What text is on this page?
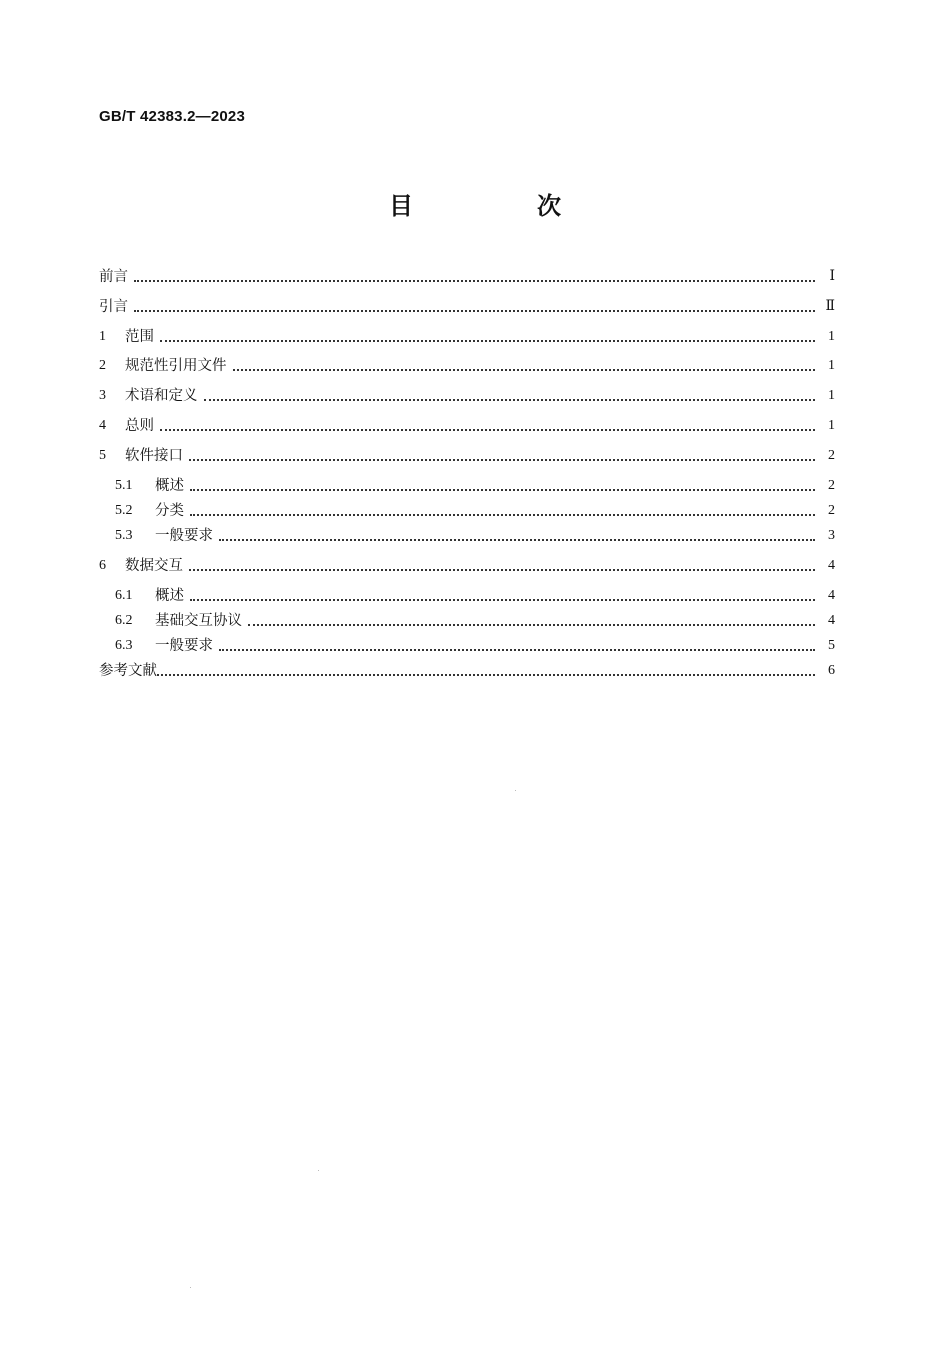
GB/T 42383.2—2023
目　次
前言	Ⅰ
引言	Ⅱ
1	范围	1
2	规范性引用文件	1
3	术语和定义	1
4	总则	1
5	软件接口	2
5.1	概述	2
5.2	分类	2
5.3	一般要求	3
6	数据交互	4
6.1	概述	4
6.2	基础交互协议	4
6.3	一般要求	5
参考文献	6
